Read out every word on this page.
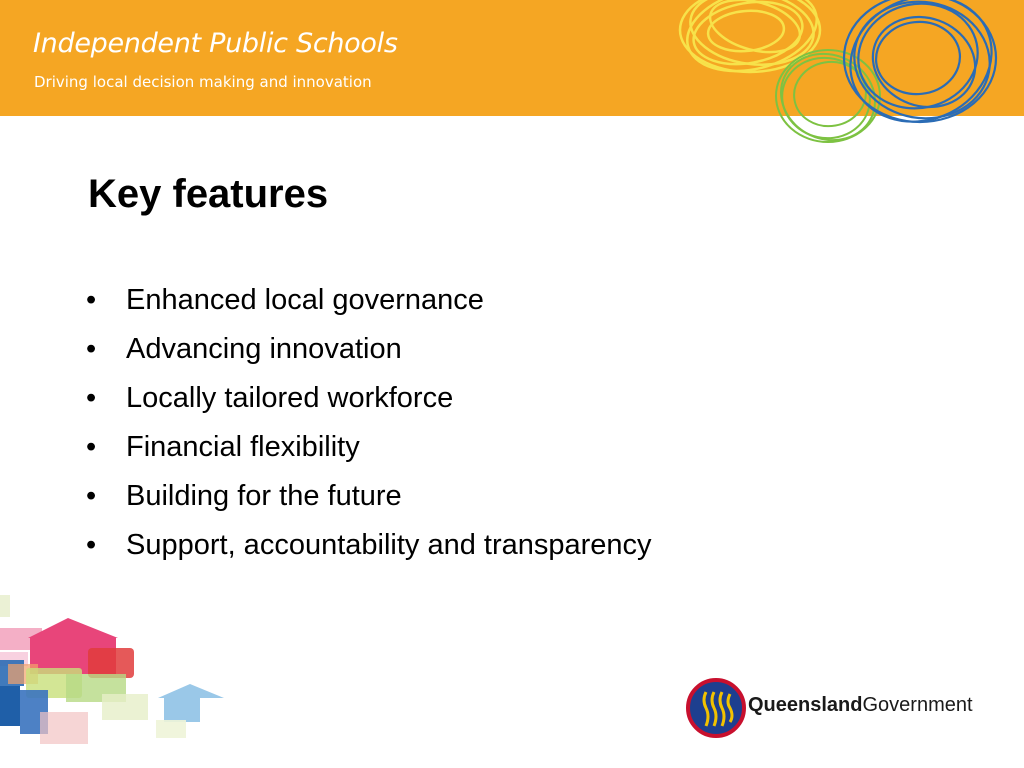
Independent Public Schools
Driving local decision making and innovation
Key features
• Enhanced local governance
• Advancing innovation
• Locally tailored workforce
• Financial flexibility
• Building for the future
• Support, accountability and transparency
QueenslandGovernment
